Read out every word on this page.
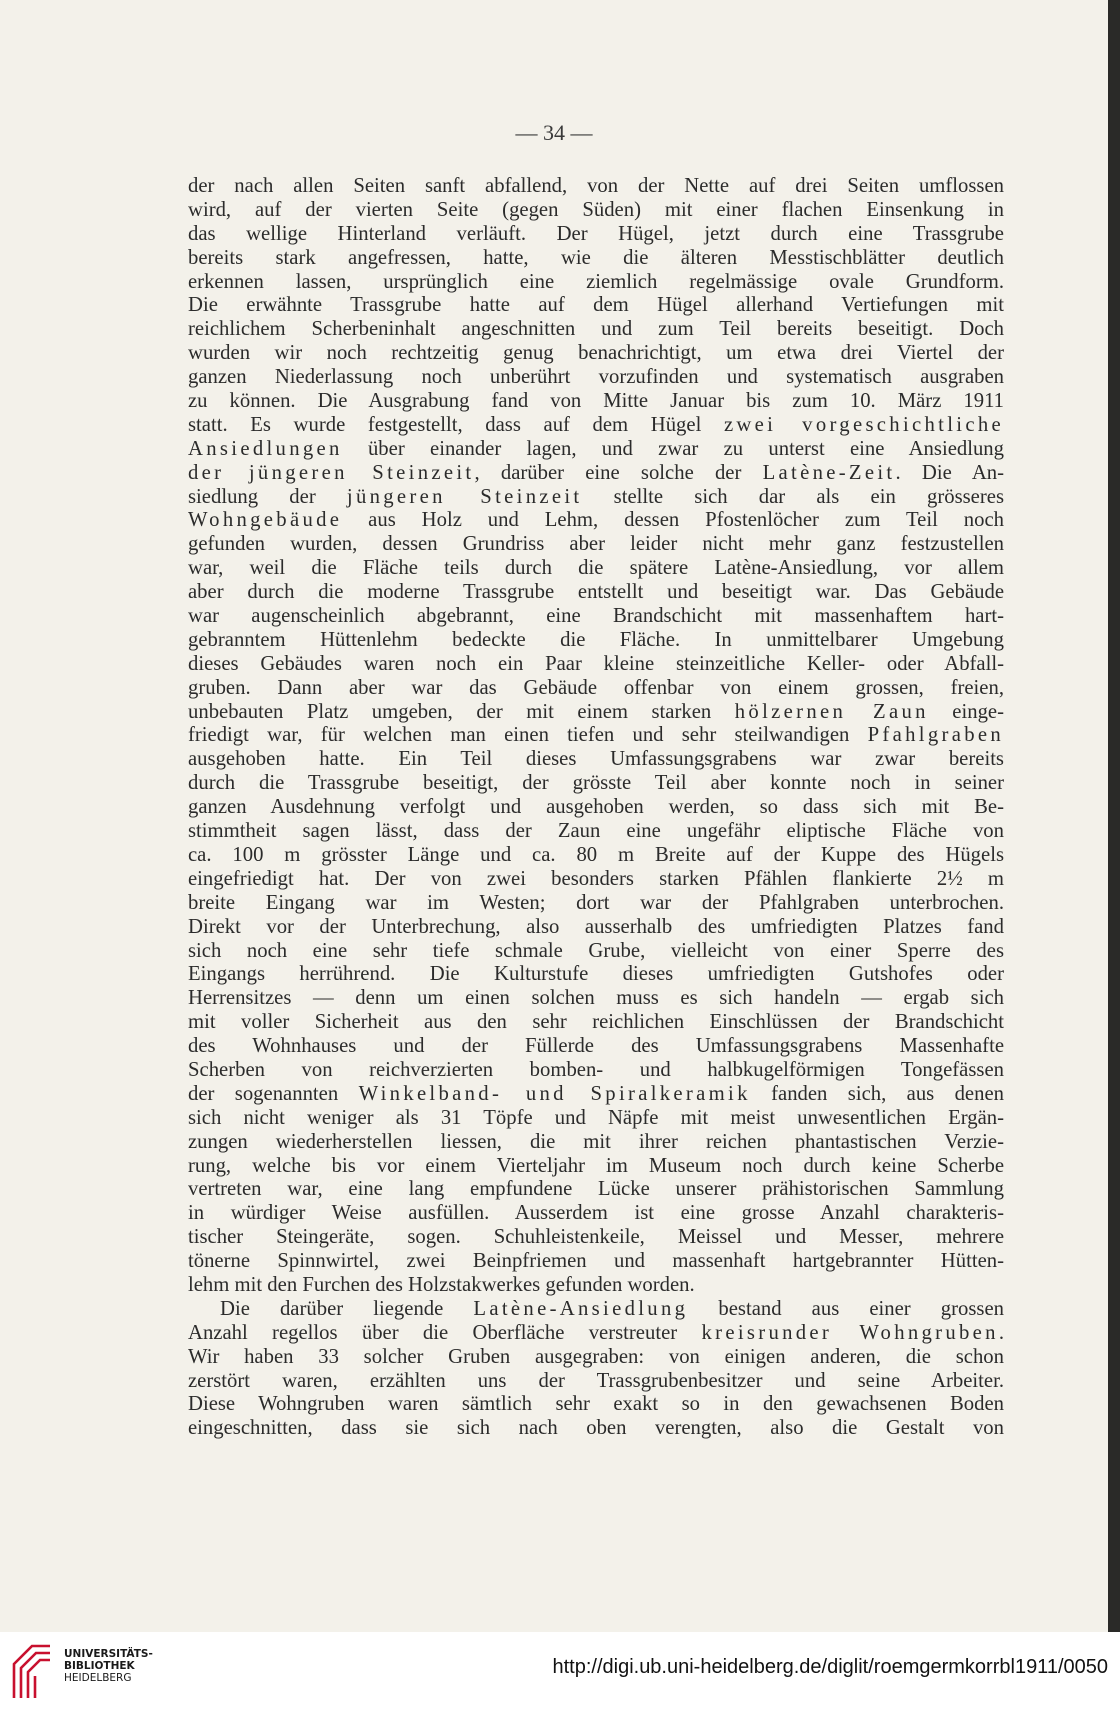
— 34 —
der nach allen Seiten sanft abfallend, von der Nette auf drei Seiten umflossen
wird, auf der vierten Seite (gegen Süden) mit einer flachen Einsenkung in
das wellige Hinterland verläuft. Der Hügel, jetzt durch eine Trassgrube
bereits stark angefressen, hatte, wie die älteren Messtischblätter deutlich
erkennen lassen, ursprünglich eine ziemlich regelmässige ovale Grundform.
Die erwähnte Trassgrube hatte auf dem Hügel allerhand Vertiefungen mit
reichlichem Scherbeninhalt angeschnitten und zum Teil bereits beseitigt. Doch
wurden wir noch rechtzeitig genug benachrichtigt, um etwa drei Viertel der
ganzen Niederlassung noch unberührt vorzufinden und systematisch ausgraben
zu können. Die Ausgrabung fand von Mitte Januar bis zum 10. März 1911
statt. Es wurde festgestellt, dass auf dem Hügel zwei vorgeschichtliche
Ansiedlungen über einander lagen, und zwar zu unterst eine Ansiedlung
der jüngeren Steinzeit, darüber eine solche der Latène-Zeit. Die An-
siedlung der jüngeren Steinzeit stellte sich dar als ein grösseres
Wohngebäude aus Holz und Lehm, dessen Pfostenlöcher zum Teil noch
gefunden wurden, dessen Grundriss aber leider nicht mehr ganz festzustellen
war, weil die Fläche teils durch die spätere Latène-Ansiedlung, vor allem
aber durch die moderne Trassgrube entstellt und beseitigt war. Das Gebäude
war augenscheinlich abgebrannt, eine Brandschicht mit massenhaftem hart-
gebranntem Hüttenlehm bedeckte die Fläche. In unmittelbarer Umgebung
dieses Gebäudes waren noch ein Paar kleine steinzeitliche Keller- oder Abfall-
gruben. Dann aber war das Gebäude offenbar von einem grossen, freien,
unbebauten Platz umgeben, der mit einem starken hölzernen Zaun einge-
friedigt war, für welchen man einen tiefen und sehr steilwandigen Pfahlgraben
ausgehoben hatte. Ein Teil dieses Umfassungsgrabens war zwar bereits
durch die Trassgrube beseitigt, der grösste Teil aber konnte noch in seiner
ganzen Ausdehnung verfolgt und ausgehoben werden, so dass sich mit Be-
stimmtheit sagen lässt, dass der Zaun eine ungefähr eliptische Fläche von
ca. 100 m grösster Länge und ca. 80 m Breite auf der Kuppe des Hügels
eingefriedigt hat. Der von zwei besonders starken Pfählen flankierte 2½ m
breite Eingang war im Westen; dort war der Pfahlgraben unterbrochen.
Direkt vor der Unterbrechung, also ausserhalb des umfriedigten Platzes fand
sich noch eine sehr tiefe schmale Grube, vielleicht von einer Sperre des
Eingangs herrührend. Die Kulturstufe dieses umfriedigten Gutshofes oder
Herrensitzes — denn um einen solchen muss es sich handeln — ergab sich
mit voller Sicherheit aus den sehr reichlichen Einschlüssen der Brandschicht
des Wohnhauses und der Füllerde des Umfassungsgrabens Massenhafte
Scherben von reichverzierten bomben- und halbkugelförmigen Tongefässen
der sogenannten Winkelband- und Spiralkeramik fanden sich, aus denen
sich nicht weniger als 31 Töpfe und Näpfe mit meist unwesentlichen Ergän-
zungen wiederherstellen liessen, die mit ihrer reichen phantastischen Verzie-
rung, welche bis vor einem Vierteljahr im Museum noch durch keine Scherbe
vertreten war, eine lang empfundene Lücke unserer prähistorischen Sammlung
in würdiger Weise ausfüllen. Ausserdem ist eine grosse Anzahl charakteris-
tischer Steingeräte, sogen. Schuhleistenkeile, Meissel und Messer, mehrere
tönerne Spinnwirtel, zwei Beinpfriemen und massenhaft hartgebrannter Hütten-
lehm mit den Furchen des Holzstakwerkes gefunden worden.
Die darüber liegende Latène-Ansiedlung bestand aus einer grossen
Anzahl regellos über die Oberfläche verstreuter kreisrunder Wohngruben.
Wir haben 33 solcher Gruben ausgegraben: von einigen anderen, die schon
zerstört waren, erzählten uns der Trassgrubenbesitzer und seine Arbeiter.
Diese Wohngruben waren sämtlich sehr exakt so in den gewachsenen Boden
eingeschnitten, dass sie sich nach oben verengten, also die Gestalt von
UNIVERSITÄTS-
BIBLIOTHEK
HEIDELBERG	http://digi.ub.uni-heidelberg.de/diglit/roemgermkorrbl1911/0050
